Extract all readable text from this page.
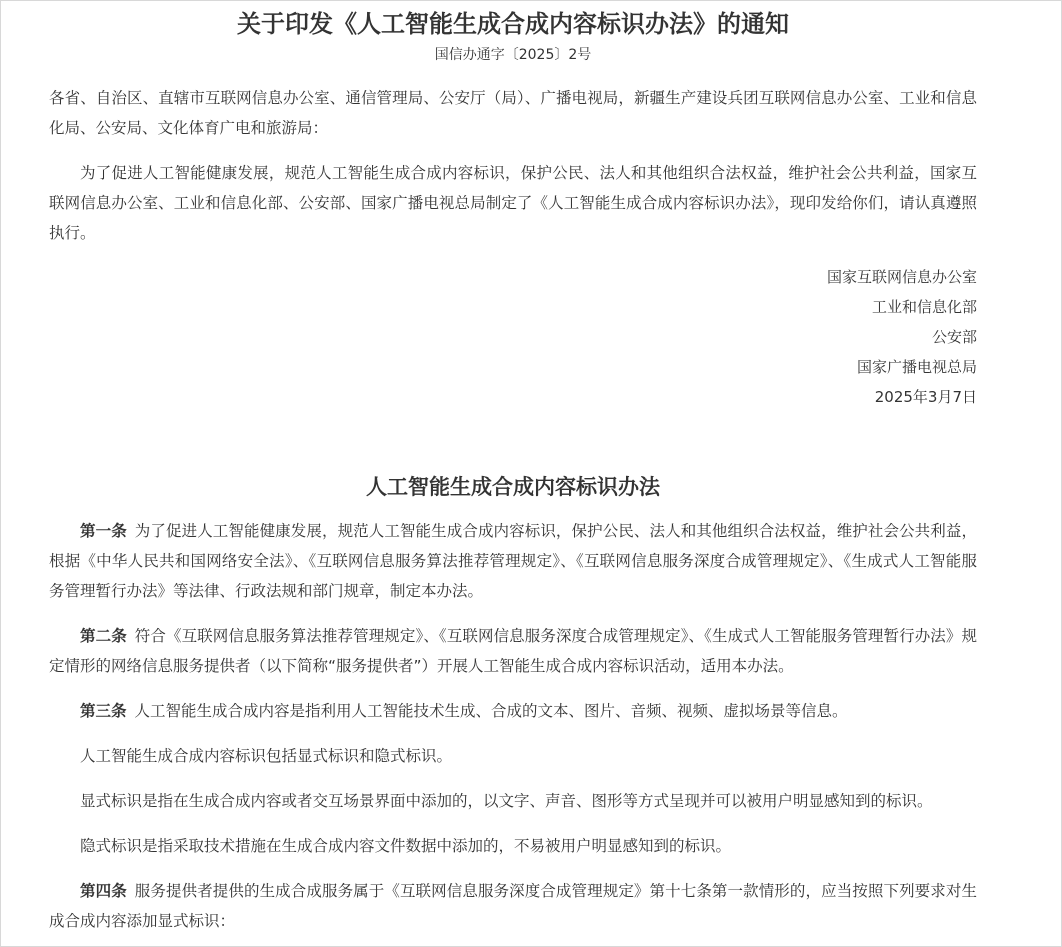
关于印发《人工智能生成合成内容标识办法》的通知
国信办通字〔2025〕2号

各省、自治区、直辖市互联网信息办公室、通信管理局、公安厅（局）、广播电视局，新疆生产建设兵团互联网信息办公室、工业和信息化局、公安局、文化体育广电和旅游局：

为了促进人工智能健康发展，规范人工智能生成合成内容标识，保护公民、法人和其他组织合法权益，维护社会公共利益，国家互联网信息办公室、工业和信息化部、公安部、国家广播电视总局制定了《人工智能生成合成内容标识办法》，现印发给你们，请认真遵照执行。

国家互联网信息办公室
工业和信息化部
公安部
国家广播电视总局
2025年3月7日
人工智能生成合成内容标识办法

第一条 为了促进人工智能健康发展，规范人工智能生成合成内容标识，保护公民、法人和其他组织合法权益，维护社会公共利益，根据《中华人民共和国网络安全法》、《互联网信息服务算法推荐管理规定》、《互联网信息服务深度合成管理规定》、《生成式人工智能服务管理暂行办法》等法律、行政法规和部门规章，制定本办法。

第二条 符合《互联网信息服务算法推荐管理规定》、《互联网信息服务深度合成管理规定》、《生成式人工智能服务管理暂行办法》规定情形的网络信息服务提供者（以下简称“服务提供者”）开展人工智能生成合成内容标识活动，适用本办法。

第三条 人工智能生成合成内容是指利用人工智能技术生成、合成的文本、图片、音频、视频、虚拟场景等信息。

人工智能生成合成内容标识包括显式标识和隐式标识。

显式标识是指在生成合成内容或者交互场景界面中添加的，以文字、声音、图形等方式呈现并可以被用户明显感知到的标识。

隐式标识是指采取技术措施在生成合成内容文件数据中添加的，不易被用户明显感知到的标识。

第四条 服务提供者提供的生成合成服务属于《互联网信息服务深度合成管理规定》第十七条第一款情形的，应当按照下列要求对生成合成内容添加显式标识：
